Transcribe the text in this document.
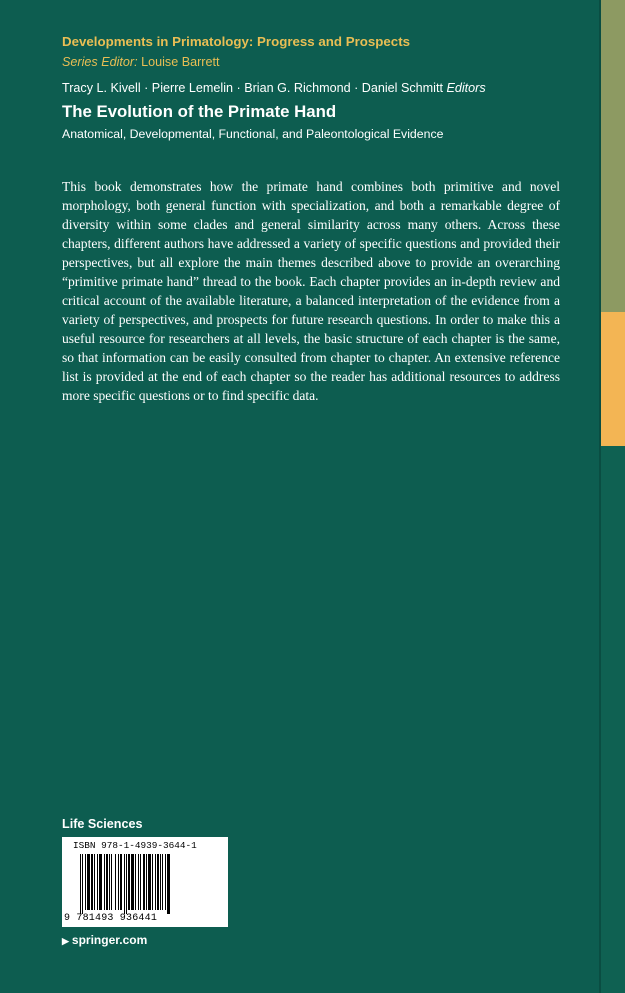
Developments in Primatology: Progress and Prospects
Series Editor: Louise Barrett
Tracy L. Kivell · Pierre Lemelin · Brian G. Richmond · Daniel Schmitt Editors
The Evolution of the Primate Hand
Anatomical, Developmental, Functional, and Paleontological Evidence

This book demonstrates how the primate hand combines both primitive and novel morphology, both general function with specialization, and both a remarkable degree of diversity within some clades and general similarity across many others. Across these chapters, different authors have addressed a variety of specific questions and provided their perspectives, but all explore the main themes described above to provide an overarching “primitive primate hand” thread to the book. Each chapter provides an in-depth review and critical account of the available literature, a balanced interpretation of the evidence from a variety of perspectives, and prospects for future research questions. In order to make this a useful resource for researchers at all levels, the basic structure of each chapter is the same, so that information can be easily consulted from chapter to chapter. An extensive reference list is provided at the end of each chapter so the reader has additional resources to address more specific questions or to find specific data.

Life Sciences
ISBN 978-1-4939-3644-1
9 781493 936441
▶ springer.com
